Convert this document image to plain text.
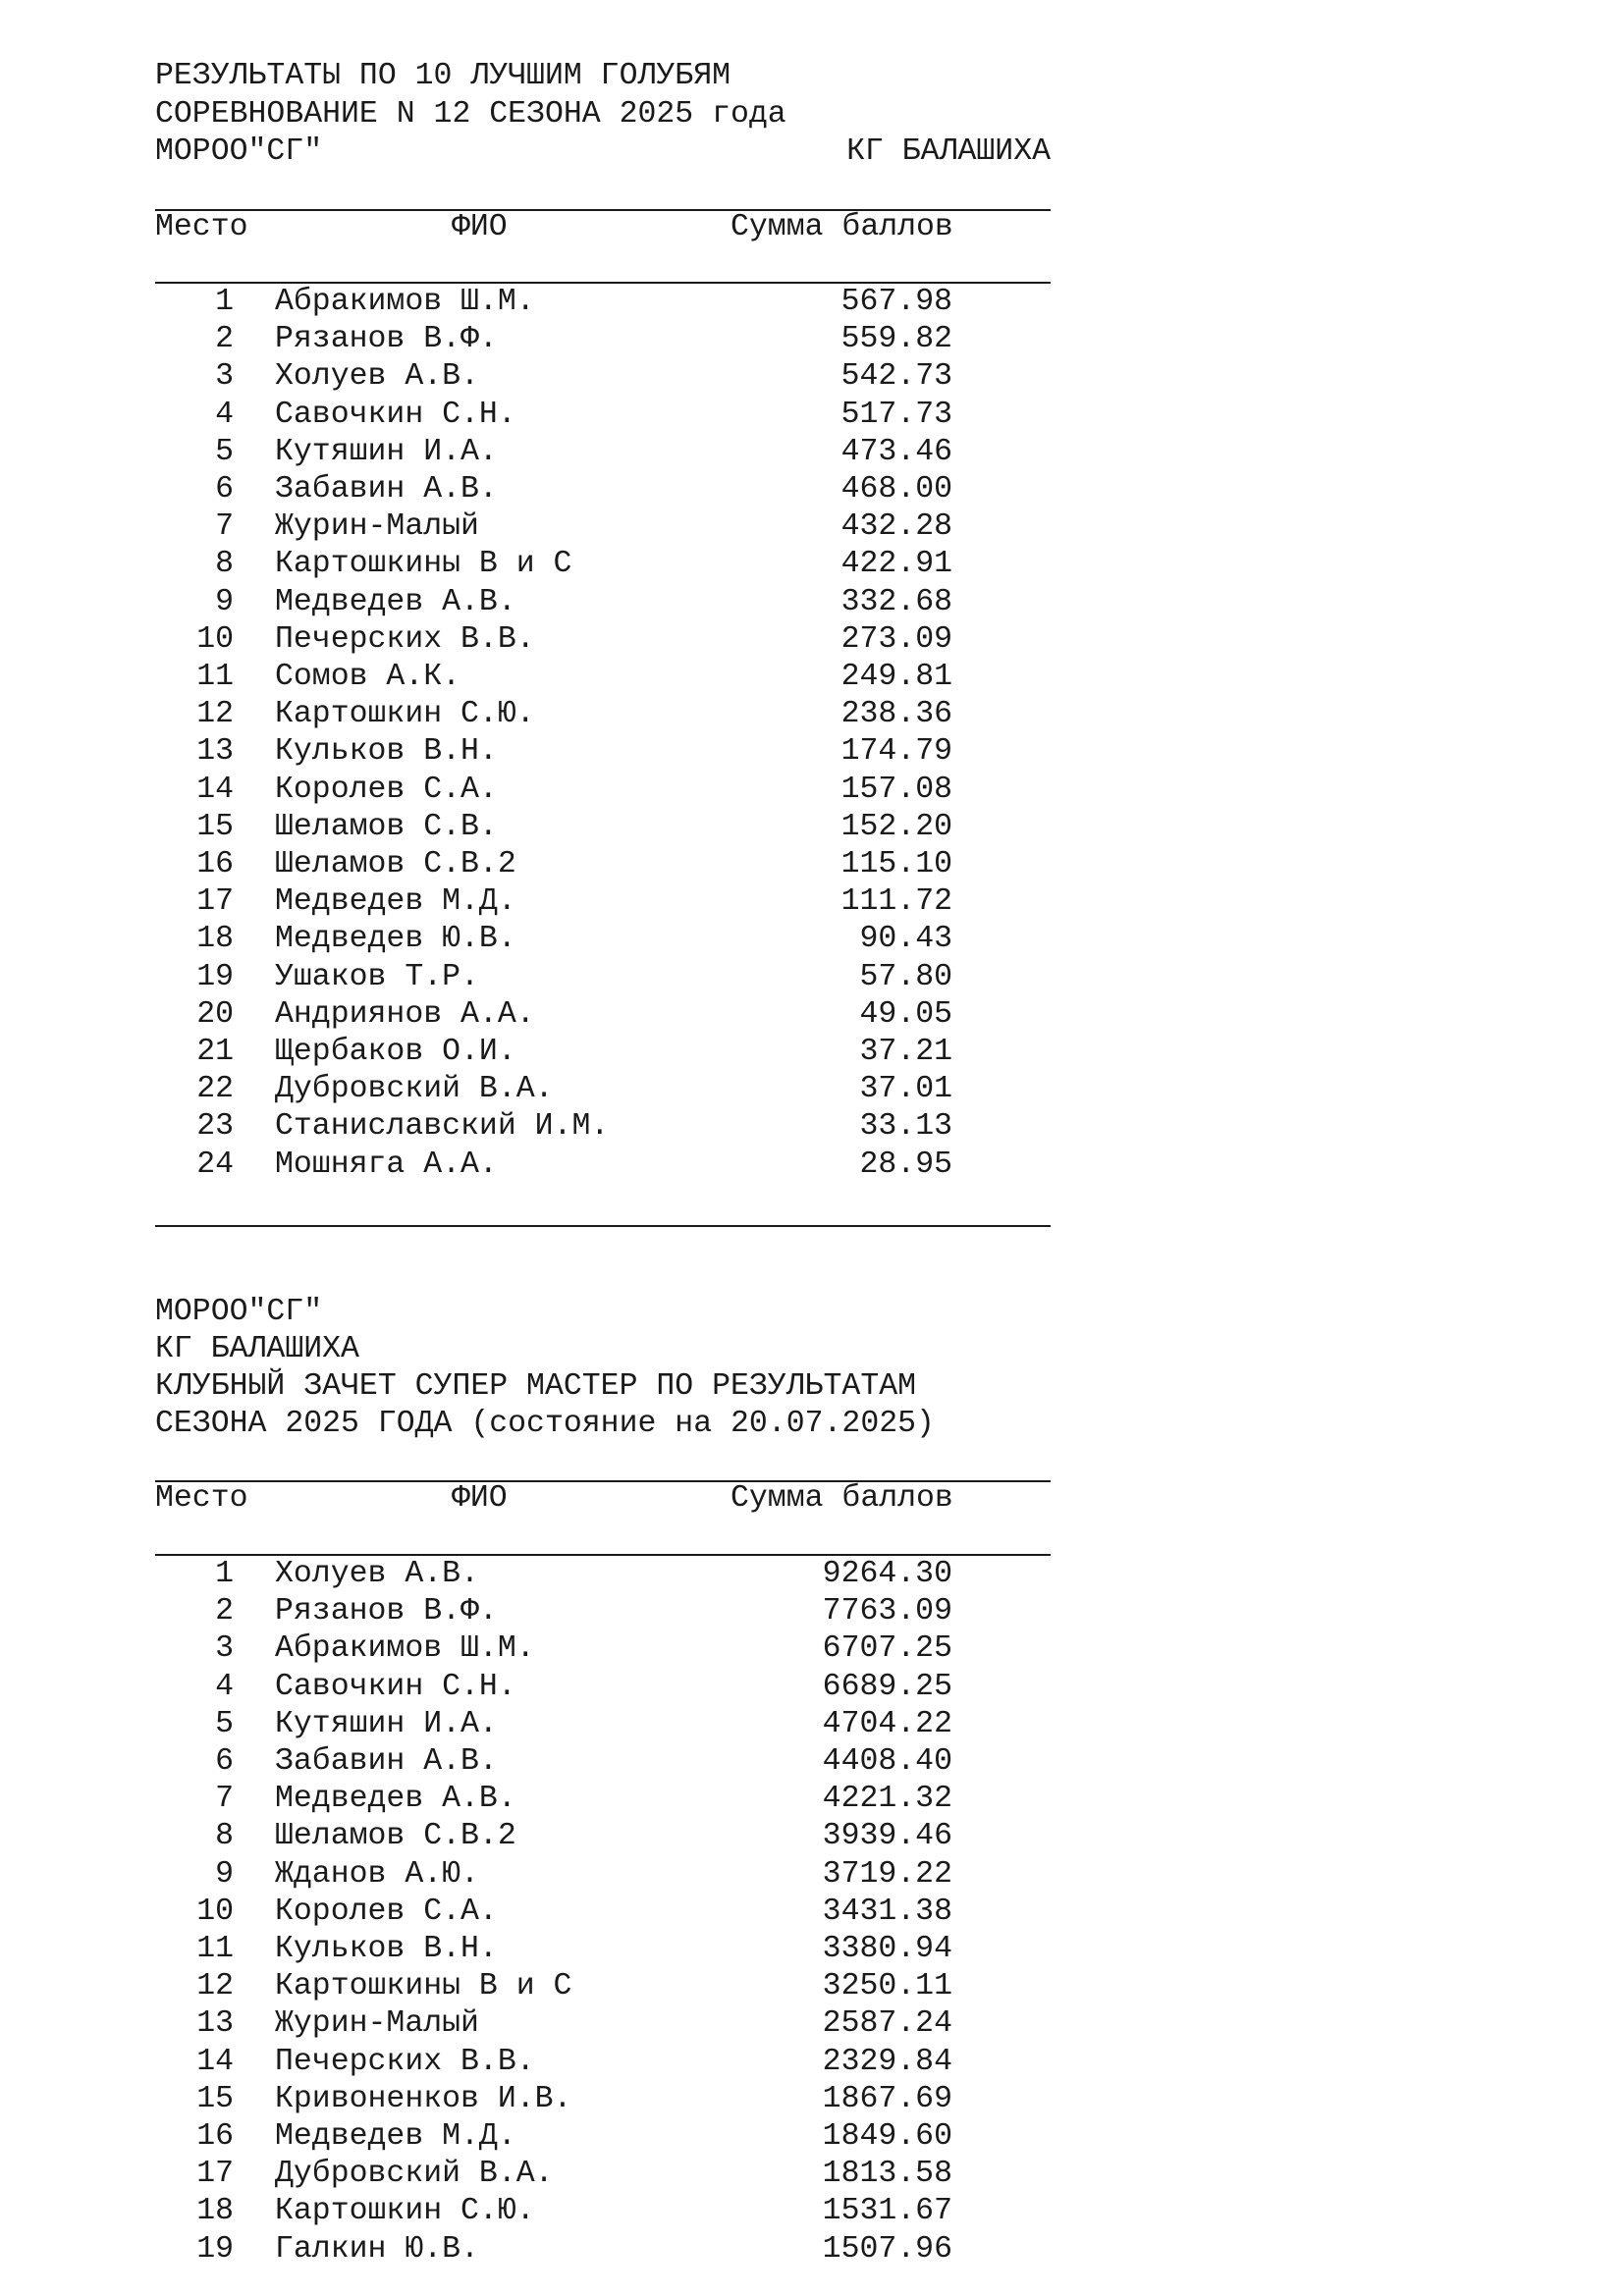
РЕЗУЛЬТАТЫ ПО 10 ЛУЧШИМ ГОЛУБЯМ
СОРЕВНОВАНИЕ N 12 СЕЗОНА 2025 года
МОРОО"СГ"	КГ БАЛАШИХА
Место	ФИО	Сумма баллов
1 Абракимов Ш.М.	567.98
2 Рязанов В.Ф.	559.82
3 Холуев А.В.	542.73
4 Савочкин С.Н.	517.73
5 Кутяшин И.А.	473.46
6 Забавин А.В.	468.00
7 Журин-Малый	432.28
8 Картошкины В и С	422.91
9 Медведев А.В.	332.68
10 Печерских В.В.	273.09
11 Сомов А.К.	249.81
12 Картошкин С.Ю.	238.36
13 Кульков В.Н.	174.79
14 Королев С.А.	157.08
15 Шеламов С.В.	152.20
16 Шеламов С.В.2	115.10
17 Медведев М.Д.	111.72
18 Медведев Ю.В.	90.43
19 Ушаков Т.Р.	57.80
20 Андриянов А.А.	49.05
21 Щербаков О.И.	37.21
22 Дубровский В.А.	37.01
23 Станиславский И.М.	33.13
24 Мошняга А.А.	28.95
МОРОО"СГ"
КГ БАЛАШИХА
КЛУБНЫЙ ЗАЧЕТ СУПЕР МАСТЕР ПО РЕЗУЛЬТАТАМ
СЕЗОНА 2025 ГОДА (состояние на 20.07.2025)
Место	ФИО	Сумма баллов
1 Холуев А.В.	9264.30
2 Рязанов В.Ф.	7763.09
3 Абракимов Ш.М.	6707.25
4 Савочкин С.Н.	6689.25
5 Кутяшин И.А.	4704.22
6 Забавин А.В.	4408.40
7 Медведев А.В.	4221.32
8 Шеламов С.В.2	3939.46
9 Жданов А.Ю.	3719.22
10 Королев С.А.	3431.38
11 Кульков В.Н.	3380.94
12 Картошкины В и С	3250.11
13 Журин-Малый	2587.24
14 Печерских В.В.	2329.84
15 Кривоненков И.В.	1867.69
16 Медведев М.Д.	1849.60
17 Дубровский В.А.	1813.58
18 Картошкин С.Ю.	1531.67
19 Галкин Ю.В.	1507.96
